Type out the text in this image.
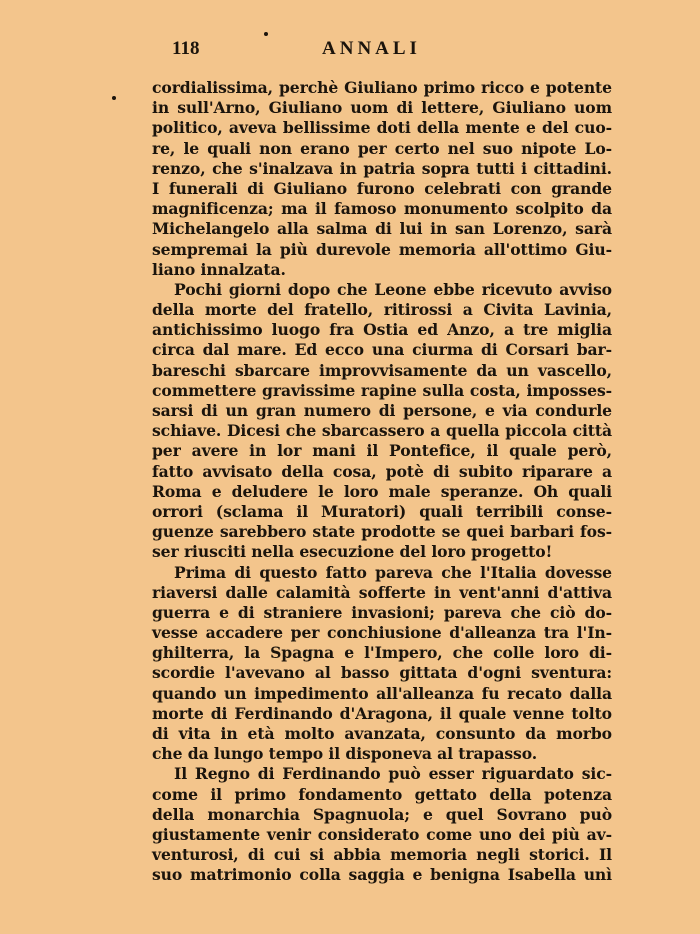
118	ANNALI
cordialissima, perchè Giuliano primo ricco e potente
in sull'Arno, Giuliano uom di lettere, Giuliano uom
politico, aveva bellissime doti della mente e del cuo-
re, le quali non erano per certo nel suo nipote Lo-
renzo, che s'inalzava in patria sopra tutti i cittadini.
I funerali di Giuliano furono celebrati con grande
magnificenza; ma il famoso monumento scolpito da
Michelangelo alla salma di lui in san Lorenzo, sarà
sempremai la più durevole memoria all'ottimo Giu-
liano innalzata.
Pochi giorni dopo che Leone ebbe ricevuto avviso
della morte del fratello, ritirossi a Civita Lavinia,
antichissimo luogo fra Ostia ed Anzo, a tre miglia
circa dal mare. Ed ecco una ciurma di Corsari bar-
bareschi sbarcare improvvisamente da un vascello,
commettere gravissime rapine sulla costa, imposses-
sarsi di un gran numero di persone, e via condurle
schiave. Dicesi che sbarcassero a quella piccola città
per avere in lor mani il Pontefice, il quale però,
fatto avvisato della cosa, potè di subito riparare a
Roma e deludere le loro male speranze. Oh quali
orrori (sclama il Muratori) quali terribili conse-
guenze sarebbero state prodotte se quei barbari fos-
ser riusciti nella esecuzione del loro progetto!
Prima di questo fatto pareva che l'Italia dovesse
riaversi dalle calamità sofferte in vent'anni d'attiva
guerra e di straniere invasioni; pareva che ciò do-
vesse accadere per conchiusione d'alleanza tra l'In-
ghilterra, la Spagna e l'Impero, che colle loro di-
scordie l'avevano al basso gittata d'ogni sventura:
quando un impedimento all'alleanza fu recato dalla
morte di Ferdinando d'Aragona, il quale venne tolto
di vita in età molto avanzata, consunto da morbo
che da lungo tempo il disponeva al trapasso.
Il Regno di Ferdinando può esser riguardato sic-
come il primo fondamento gettato della potenza
della monarchia Spagnuola; e quel Sovrano può
giustamente venir considerato come uno dei più av-
venturosi, di cui si abbia memoria negli storici. Il
suo matrimonio colla saggia e benigna Isabella unì
